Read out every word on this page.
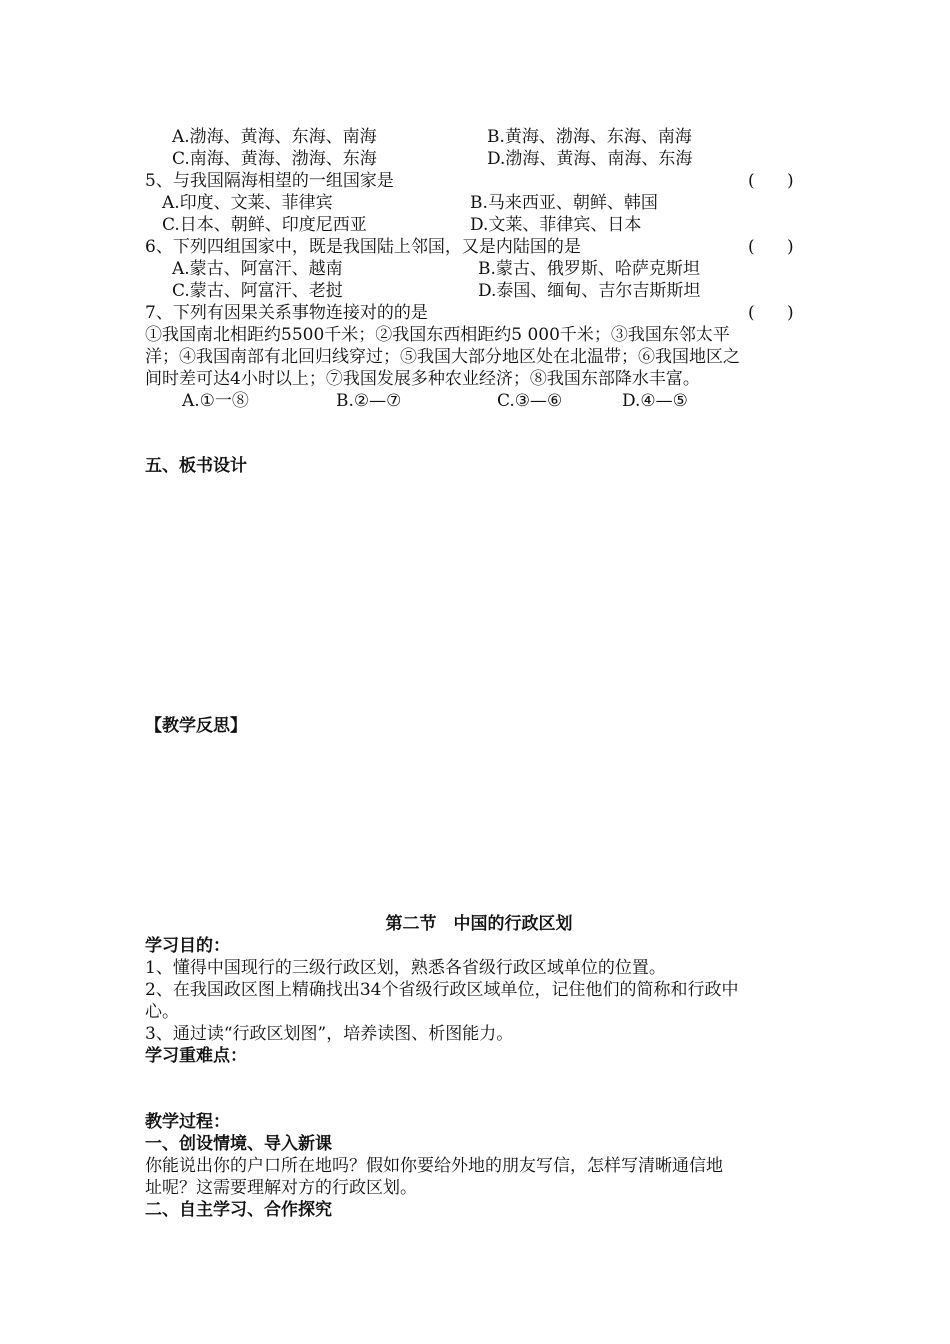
A.渤海、黄海、东海、南海	B.黄海、渤海、东海、南海
C.南海、黄海、渤海、东海	D.渤海、黄海、南海、东海
5、与我国隔海相望的一组国家是	(      )
A.印度、文莱、菲律宾	B.马来西亚、朝鲜、韩国
C.日本、朝鲜、印度尼西亚	D.文莱、菲律宾、日本
6、下列四组国家中，既是我国陆上邻国，又是内陆国的是	(      )
A.蒙古、阿富汗、越南	B.蒙古、俄罗斯、哈萨克斯坦
C.蒙古、阿富汗、老挝	D.泰国、缅甸、吉尔吉斯斯坦
7、下列有因果关系事物连接对的的是	(      )
①我国南北相距约5500千米；②我国东西相距约5 000千米；③我国东邻太平
洋；④我国南部有北回归线穿过；⑤我国大部分地区处在北温带；⑥我国地区之
间时差可达4小时以上；⑦我国发展多种农业经济；⑧我国东部降水丰富。
A.①一⑧	B.②—⑦	C.③—⑥	D.④—⑤
五、板书设计
【教学反思】
第二节　中国的行政区划
学习目的：
1、懂得中国现行的三级行政区划，熟悉各省级行政区域单位的位置。
2、在我国政区图上精确找出34个省级行政区域单位，记住他们的简称和行政中
心。
3、通过读“行政区划图”，培养读图、析图能力。
学习重难点：
教学过程：
一、创设情境、导入新课
你能说出你的户口所在地吗？假如你要给外地的朋友写信，怎样写清晰通信地
址呢？这需要理解对方的行政区划。
二、自主学习、合作探究
